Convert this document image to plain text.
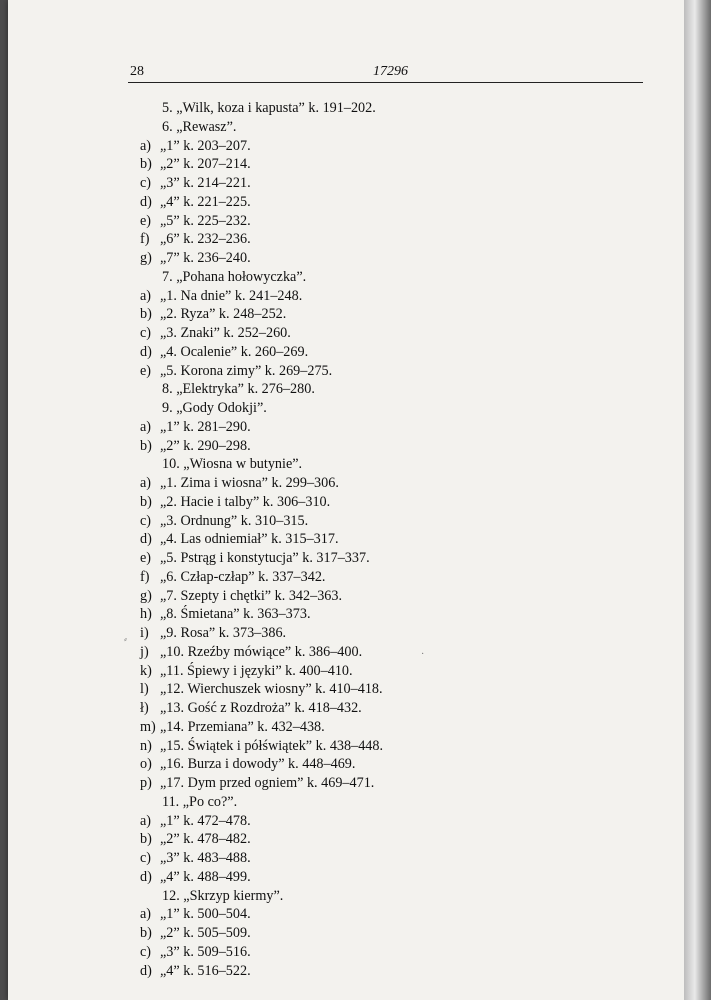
28	17296
5. „Wilk, koza i kapusta” k. 191–202.
6. „Rewasz”.
a) „1” k. 203–207.
b) „2” k. 207–214.
c) „3” k. 214–221.
d) „4” k. 221–225.
e) „5” k. 225–232.
f) „6” k. 232–236.
g) „7” k. 236–240.
7. „Pohana hołowyczka”.
a) „1. Na dnie” k. 241–248.
b) „2. Ryza” k. 248–252.
c) „3. Znaki” k. 252–260.
d) „4. Ocalenie” k. 260–269.
e) „5. Korona zimy” k. 269–275.
8. „Elektryka” k. 276–280.
9. „Gody Odokji”.
a) „1” k. 281–290.
b) „2” k. 290–298.
10. „Wiosna w butynie”.
a) „1. Zima i wiosna” k. 299–306.
b) „2. Hacie i talby” k. 306–310.
c) „3. Ordnung” k. 310–315.
d) „4. Las odniemiał” k. 315–317.
e) „5. Pstrąg i konstytucja” k. 317–337.
f) „6. Człap-człap” k. 337–342.
g) „7. Szepty i chętki” k. 342–363.
h) „8. Śmietana” k. 363–373.
i) „9. Rosa” k. 373–386.
j) „10. Rzeźby mówiące” k. 386–400.
k) „11. Śpiewy i języki” k. 400–410.
l) „12. Wierchuszek wiosny” k. 410–418.
ł) „13. Gość z Rozdroża” k. 418–432.
m) „14. Przemiana” k. 432–438.
n) „15. Świątek i półświątek” k. 438–448.
o) „16. Burza i dowody” k. 448–469.
p) „17. Dym przed ogniem” k. 469–471.
11. „Po co?”.
a) „1” k. 472–478.
b) „2” k. 478–482.
c) „3” k. 483–488.
d) „4” k. 488–499.
12. „Skrzyp kiermy”.
a) „1” k. 500–504.
b) „2” k. 505–509.
c) „3” k. 509–516.
d) „4” k. 516–522.
⸗
·
